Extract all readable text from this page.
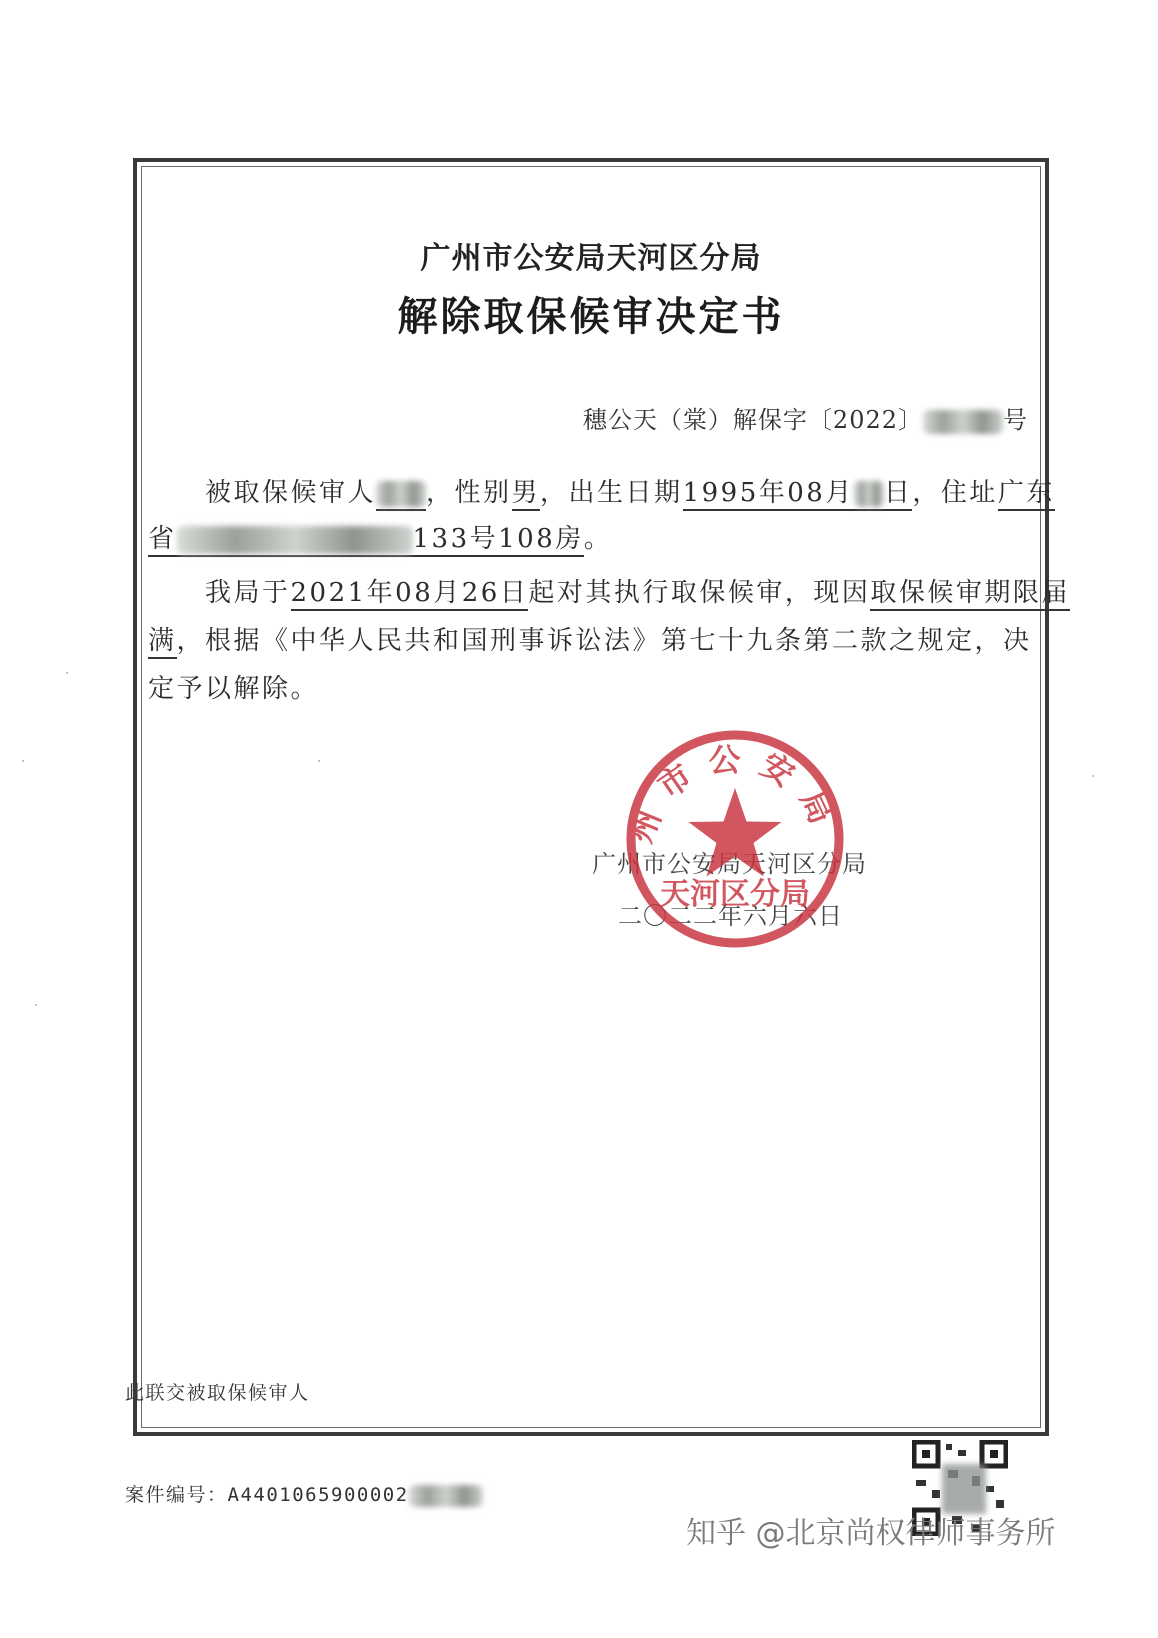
广州市公安局天河区分局
解除取保候审决定书
穗公天（棠）解保字〔2022〕	号
被取保候审人 ，性别男，出生日期1995年08月 日，住址广东
省	133号108房。
我局于2021年08月26日起对其执行取保候审，现因取保候审期限届
满，根据《中华人民共和国刑事诉讼法》第七十九条第二款之规定，决
定予以解除。
广州市公安局天河区分局
二〇二二年六月六日
州市公安局
天河区分局
此联交被取保候审人
案件编号：A4401065900002
知乎 @北京尚权律师事务所
